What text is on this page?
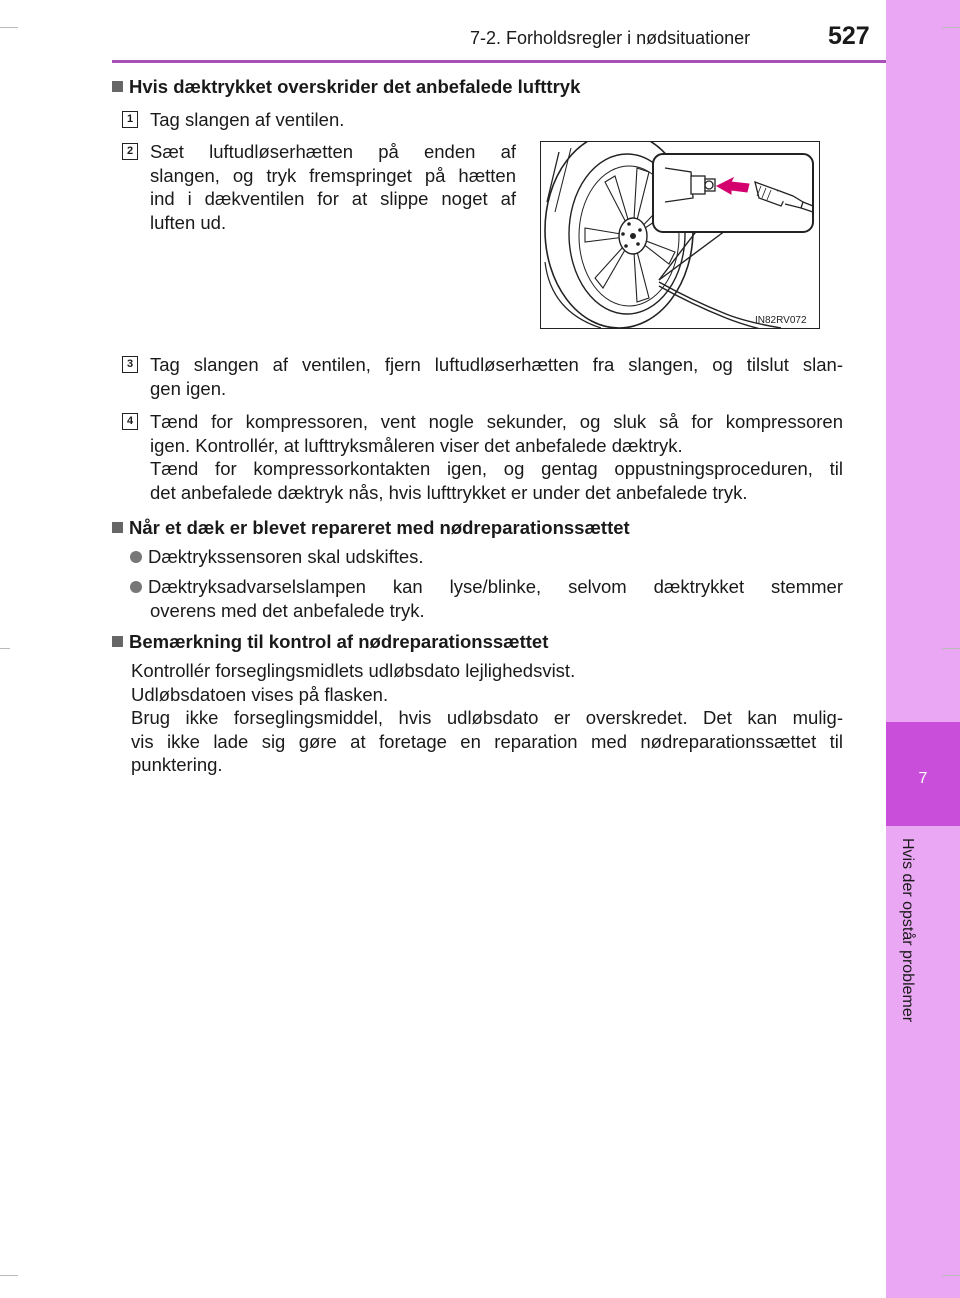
7
Hvis der opstår problemer
7-2. Forholdsregler i nødsituationer	527
Hvis dæktrykket overskrider det anbefalede lufttryk
1 Tag slangen af ventilen.
2 Sæt luftudløserhætten på enden af
slangen, og tryk fremspringet på hætten
ind i dækventilen for at slippe noget af
luften ud.
IN82RV072
3 Tag slangen af ventilen, fjern luftudløserhætten fra slangen, og tilslut slan-
gen igen.
4 Tænd for kompressoren, vent nogle sekunder, og sluk så for kompressoren
igen. Kontrollér, at lufttryksmåleren viser det anbefalede dæktryk.
Tænd for kompressorkontakten igen, og gentag oppustningsproceduren, til
det anbefalede dæktryk nås, hvis lufttrykket er under det anbefalede tryk.
Når et dæk er blevet repareret med nødreparationssættet
Dæktrykssensoren skal udskiftes.
Dæktryksadvarselslampen kan lyse/blinke, selvom dæktrykket stemmer
overens med det anbefalede tryk.
Bemærkning til kontrol af nødreparationssættet
Kontrollér forseglingsmidlets udløbsdato lejlighedsvist.
Udløbsdatoen vises på flasken.
Brug ikke forseglingsmiddel, hvis udløbsdato er overskredet. Det kan mulig-
vis ikke lade sig gøre at foretage en reparation med nødreparationssættet til
punktering.
